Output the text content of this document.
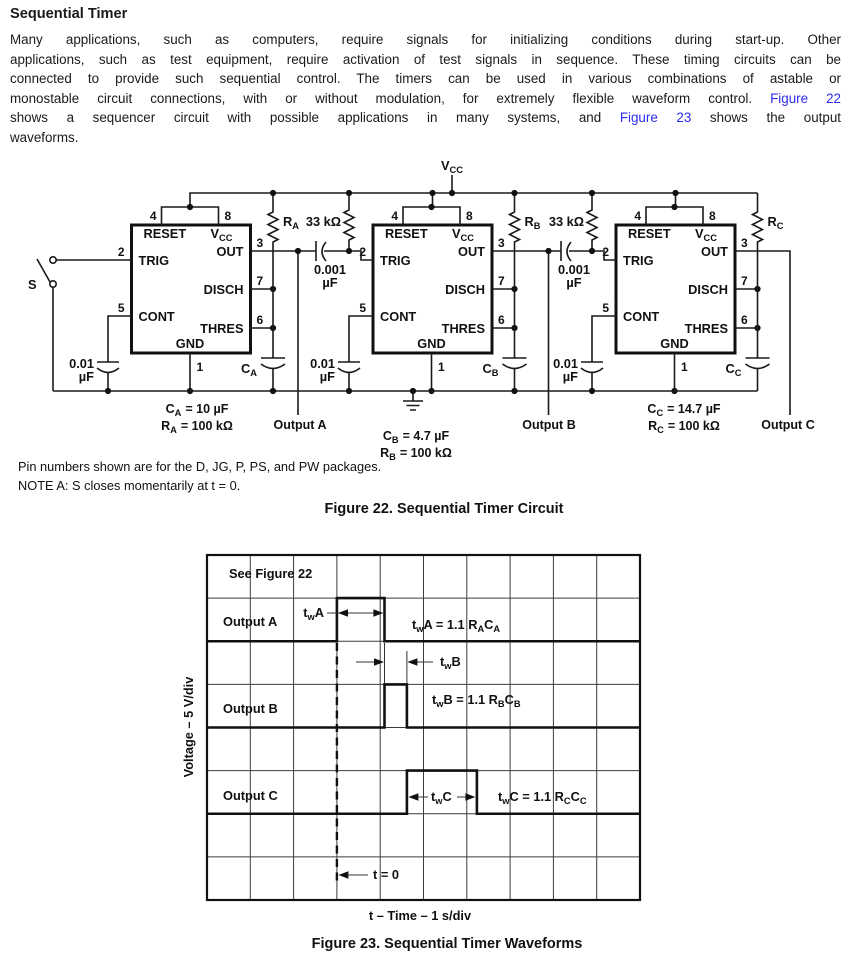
Sequential Timer
Many applications, such as computers, require signals for initializing conditions during start-up. Other
applications, such as test equipment, require activation of test signals in sequence. These timing circuits can be
connected to provide such sequential control. The timers can be used in various combinations of astable or
monostable circuit connections, with or without modulation, for extremely flexible waveform control. Figure 22
shows a sequencer circuit with possible applications in many systems, and Figure 23 shows the output
waveforms.
$V_{CC}$
S
$R_A$
$C_A$
$R_B$
$C_B$
$R_C$
$C_C$
33 kΩ	33 kΩ
0.001
µF
0.001
µF
0.01
µF
0.01
µF
0.01
µF
$C_A = 10$ µF
$R_A = 100$ kΩ	Output A
$C_B = 4.7$ µF
$R_B = 100$ kΩ
Output B
$C_C = 14.7$ µF
$R_C = 100$ kΩ	Output C
Pin numbers shown are for the D, JG, P, PS, and PW packages.
NOTE A: S closes momentarily at t = 0.
Figure 22. Sequential Timer Circuit
See Figure 22
Output A
Output B
Output C
$t_wA$
$t_wA = 1.1$ $R_AC_A$
$t_wB$
$t_wB = 1.1$ $R_BC_B$
$t_wC$	$t_wC = 1.1$ $R_CC_C$
t = 0
t – Time – 1 s/div
Voltage – 5 V/div
Figure 23. Sequential Timer Waveforms
